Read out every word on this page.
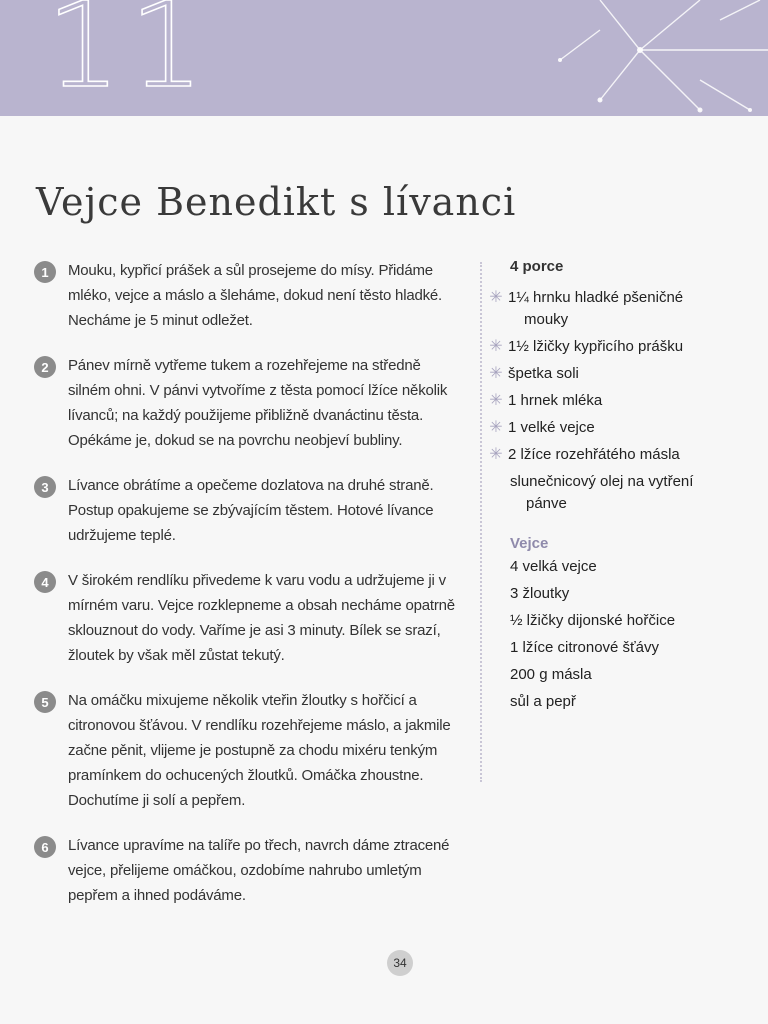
11
Vejce Benedikt s lívanci
1	Mouku, kypřicí prášek a sůl prosejeme do mísy. Přidáme mléko, vejce a máslo a šleháme, dokud není těsto hladké. Necháme je 5 minut odležet.

2	Pánev mírně vytřeme tukem a rozehřejeme na středně silném ohni. V pánvi vytvoříme z těsta pomocí lžíce několik lívanců; na každý použijeme přibližně dvanáctinu těsta. Opékáme je, dokud se na povrchu neobjeví bubliny.

3	Lívance obrátíme a opečeme dozlatova na druhé straně. Postup opakujeme se zbývajícím těstem. Hotové lívance udržujeme teplé.

4	V širokém rendlíku přivedeme k varu vodu a udržujeme ji v mírném varu. Vejce rozklepneme a obsah necháme opatrně sklouznout do vody. Vaříme je asi 3 minuty. Bílek se srazí, žloutek by však měl zůstat tekutý.

5	Na omáčku mixujeme několik vteřin žloutky s hořčicí a citronovou šťávou. V rendlíku rozehřejeme máslo, a jakmile začne pěnit, vlijeme je postupně za chodu mixéru tenkým pramínkem do ochucených žloutků. Omáčka zhoustne. Dochutíme ji solí a pepřem.

6	Lívance upravíme na talíře po třech, navrch dáme ztracené vejce, přelijeme omáčkou, ozdobíme nahrubo umletým pepřem a ihned podáváme.

4 porce

✳ 1¼ hrnku hladké pšeničné
mouky
✳ 1½ lžičky kypřicího prášku
✳ špetka soli
✳ 1 hrnek mléka
✳ 1 velké vejce
✳ 2 lžíce rozehřátého másla
slunečnicový olej na vytření
pánve

Vejce

4 velká vejce
3 žloutky
½ lžičky dijonské hořčice
1 lžíce citronové šťávy
200 g másla
sůl a pepř
34
